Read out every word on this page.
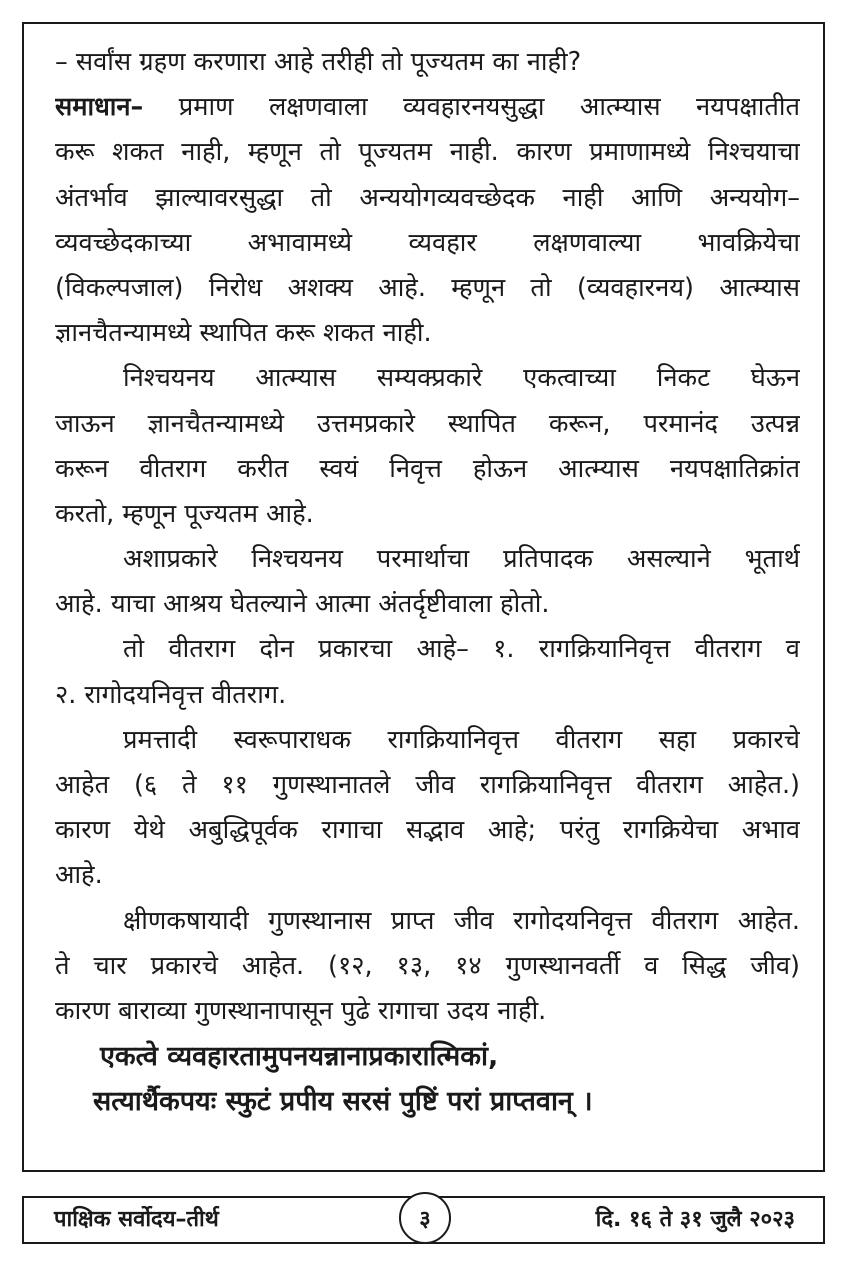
– सर्वांस ग्रहण करणारा आहे तरीही तो पूज्यतम का नाही?
समाधान– प्रमाण लक्षणवाला व्यवहारनयसुद्धा आत्म्यास नयपक्षातीत
करू शकत नाही, म्हणून तो पूज्यतम नाही. कारण प्रमाणामध्ये निश्चयाचा
अंतर्भाव झाल्यावरसुद्धा तो अन्ययोगव्यवच्छेदक नाही आणि अन्ययोग–
व्यवच्छेदकाच्या अभावामध्ये व्यवहार लक्षणवाल्या भावक्रियेचा
(विकल्पजाल) निरोध अशक्य आहे. म्हणून तो (व्यवहारनय) आत्म्यास
ज्ञानचैतन्यामध्ये स्थापित करू शकत नाही.
निश्चयनय आत्म्यास सम्यक्प्रकारे एकत्वाच्या निकट घेऊन
जाऊन ज्ञानचैतन्यामध्ये उत्तमप्रकारे स्थापित करून, परमानंद उत्पन्न
करून वीतराग करीत स्वयं निवृत्त होऊन आत्म्यास नयपक्षातिक्रांत
करतो, म्हणून पूज्यतम आहे.
अशाप्रकारे निश्चयनय परमार्थाचा प्रतिपादक असल्याने भूतार्थ
आहे. याचा आश्रय घेतल्याने आत्मा अंतर्दृष्टीवाला होतो.
तो वीतराग दोन प्रकारचा आहे– १. रागक्रियानिवृत्त वीतराग व
२. रागोदयनिवृत्त वीतराग.
प्रमत्तादी स्वरूपाराधक रागक्रियानिवृत्त वीतराग सहा प्रकारचे
आहेत (६ ते ११ गुणस्थानातले जीव रागक्रियानिवृत्त वीतराग आहेत.)
कारण येथे अबुद्धिपूर्वक रागाचा सद्भाव आहे; परंतु रागक्रियेचा अभाव
आहे.
क्षीणकषायादी गुणस्थानास प्राप्त जीव रागोदयनिवृत्त वीतराग आहेत.
ते चार प्रकारचे आहेत. (१२, १३, १४ गुणस्थानवर्ती व सिद्ध जीव)
कारण बाराव्या गुणस्थानापासून पुढे रागाचा उदय नाही.
एकत्वे व्यवहारतामुपनयन्नानाप्रकारात्मिकां,
सत्यार्थैकपयः स्फुटं प्रपीय सरसं पुष्टिं परां प्राप्तवान् ।
पाक्षिक सर्वोदय–तीर्थ	३	दि. १६ ते ३१ जुलै २०२३
